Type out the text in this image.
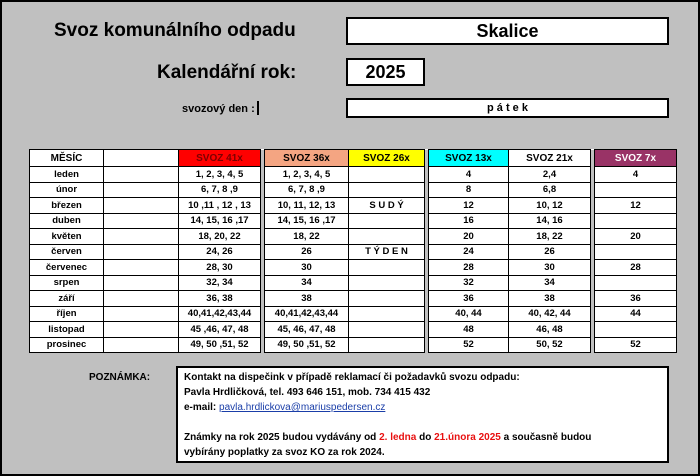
Svoz komunálního odpadu	Skalice
Kalendářní rok:	2025
svozový den :	p á t e k
MĚSÍC		SVOZ 41x		SVOZ 36x	SVOZ 26x		SVOZ 13x	SVOZ 21x		SVOZ 7x
leden		1, 2, 3, 4, 5		1, 2, 3, 4, 5			4	2,4		4
únor		6, 7, 8 ,9		6, 7, 8 ,9			8	6,8		
březen		10 ,11 , 12 , 13		10, 11, 12, 13	S U D Ý		12	10, 12		12
duben		14, 15, 16 ,17		14, 15, 16 ,17			16	14, 16		
květen		18, 20, 22		18, 22			20	18, 22		20
červen		24, 26		26	T Ý D E N		24	26		
červenec		28, 30		30			28	30		28
srpen		32, 34		34			32	34		
září		36, 38		38			36	38		36
říjen		40,41,42,43,44		40,41,42,43,44			40, 44	40, 42, 44		44
listopad		45 ,46, 47, 48		45, 46, 47, 48			48	46, 48		
prosinec		49, 50 ,51, 52		49, 50 ,51, 52			52	50, 52		52
POZNÁMKA:	Kontakt na dispečink v případě reklamací či požadavků svozu odpadu:
Pavla Hrdličková, tel. 493 646 151, mob. 734 415 432
e-mail: pavla.hrdlickova@mariuspedersen.cz

Známky na rok 2025 budou vydávány od 2. ledna do 21.února 2025 a současně budou
vybírány poplatky za svoz KO za rok 2024.
